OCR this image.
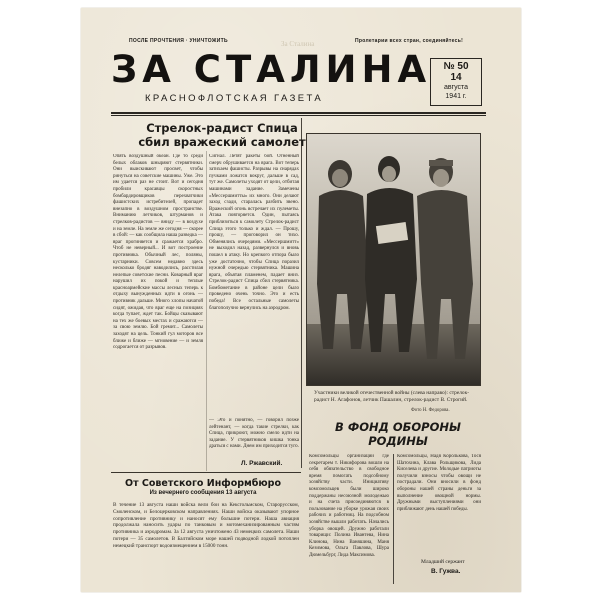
ПОСЛЕ ПРОЧТЕНИЯ · УНИЧТОЖИТЬ	За Сталина	Пролетарии всех стран, соединяйтесь!
ЗА СТАЛИНА
КРАСНОФЛОТСКАЯ ГАЗЕТА
№ 50
14
августа
1941 г.
Стрелок-радист Спица
сбил вражеский самолет
Опять воздушный океан. Где то среди белых облаков шныряют стервятники. Они выискивают просвет, чтобы ринуться на советские машины. Уже. Это им удается раз не стоит. Вот и сегодня пробили красавцы скоростных бомбардировщиков перехватчики фашистских истребителей, пропадет внезапно в воздушном пространстве. Вниманию летчиков, штурманов и стрелков-радистов — вниду — в воздухе и на земле. На земле же сегодня — скорее в сбой: — как сообщила наша разведка — враг прогиняется и сражается храбро. Чтоб не неверный... И вот построение противника. Обычный лес, поляны, кустарники. Совсем недавно здесь несколько бродяг наводились, расстилая нелепые советские песни. Коварный враг нарушил их покой и теплые красноармейские массы лесных теперь к отдыху вынужденных идти в огонь — противник дальше. Много хлопы начатой сидят, ожидая, что враг еще на позициях когда тупает, ждет так. Бойцы сказывают на тех же боевых местах и сражаются — за свою землю. Бой гремит... Самолеты заходят на цель. Тонкий гул моторов все ближе и ближе — мгновение — и земля содрогается от разрывов.
Сигнал. Летят ракеты бой. Огненный смерч обрушивается на врага. Вот теперь затихаем фашисты. Разрывы на снарядах пучками ложатся вокруг, дальше в сад, тут же. Самолеты уходят от цели, отбитая машинами задание. Замечены «Мессершмитты» их много. Они делают заход сзади, старалась разбить звено. Вражеский огонь встречает их пулеметы. Атака повторяется. Один, пытаясь приблизиться к самолету Стрелок-радист Спица этого только и ждал. — Прошу, прошу, — проговорил он тихо. Обменялись очередями. «Мессершмитт» не выходил назад, развернулся и вновь пошел в атаку. Но крепкого отпора было уже достаточно, чтобы Спица поразил нужной очередью стервятника. Машина врага, объятая пламенем, падает вниз. Стрелок-радист Спица сбил стервятника. Бомбометание в районе цели было проведено очень точно. Это и есть победа! Все остальные самолеты благополучно вернулись на аэродром.
— Это и понятно, — говорил позже лейтенант, — когда такие стрелки, как Спица, прикроют, можно смело идти на задание. У стервятников кишка тонка драться с нами. Днем им приходится туго.
Л. Ржавский.
Участники великой отечественной войны (слева направо): стрелок-радист Н. Агафонов, летчик Пашалин, стрелок-радист В. Строгий.
Фото Н. Федорова.
В ФОНД ОБОРОНЫ
РОДИНЫ
Комсомольцы организации где секретарем т. Никифорова вошли на себя обязательство в свободное время помогать подсобному хозяйству части. Инициативу комсомольцев были широко поддержаны несоюзной молодежью и на счета присоединяются в пользование на уборке урожая своих рабочих и работниц. На подсобном хозяйстве вышли работать. Начались уборка овощей. Дружно работали товарищи: Полина Ивантева, Нина Клинова, Нина Ваняшина, Маня Кезимова, Ольга Павлова, Шура Дюмельбург, Лида Максимова.
Комсомольцы, Надя Королькова, Тося Шатохина, Клава Рольщикова, Лида Киселева и другие. Молодые патриоты получили взносы чтобы овощи не пострадали. Они вносили в фонд обороны нашей страны деньги за выполнение овощной нормы. Дружными выступлениями они приближают день нашей победы.
Младший сержант
В. Гужва.
От Советского Информбюро
Из вечернего сообщения 13 августа
В течение 13 августа наши войска вели бои на Кексгольмском, Старорусском, Смоленском, и Белоцерковском направлениях. Наши войска оказывают упорное сопротивление противнику и наносят ему большие потери. Наша авиация продолжала наносить удары по танковым и мотомеханизированным частям противника и аэродромам. За 12 августа уничтожено 43 немецких самолета. Наши потери — 35 самолетов. В Балтийском море нашей подводной лодкой потоплен немецкий транспорт водоизмещением в 15000 тонн.
